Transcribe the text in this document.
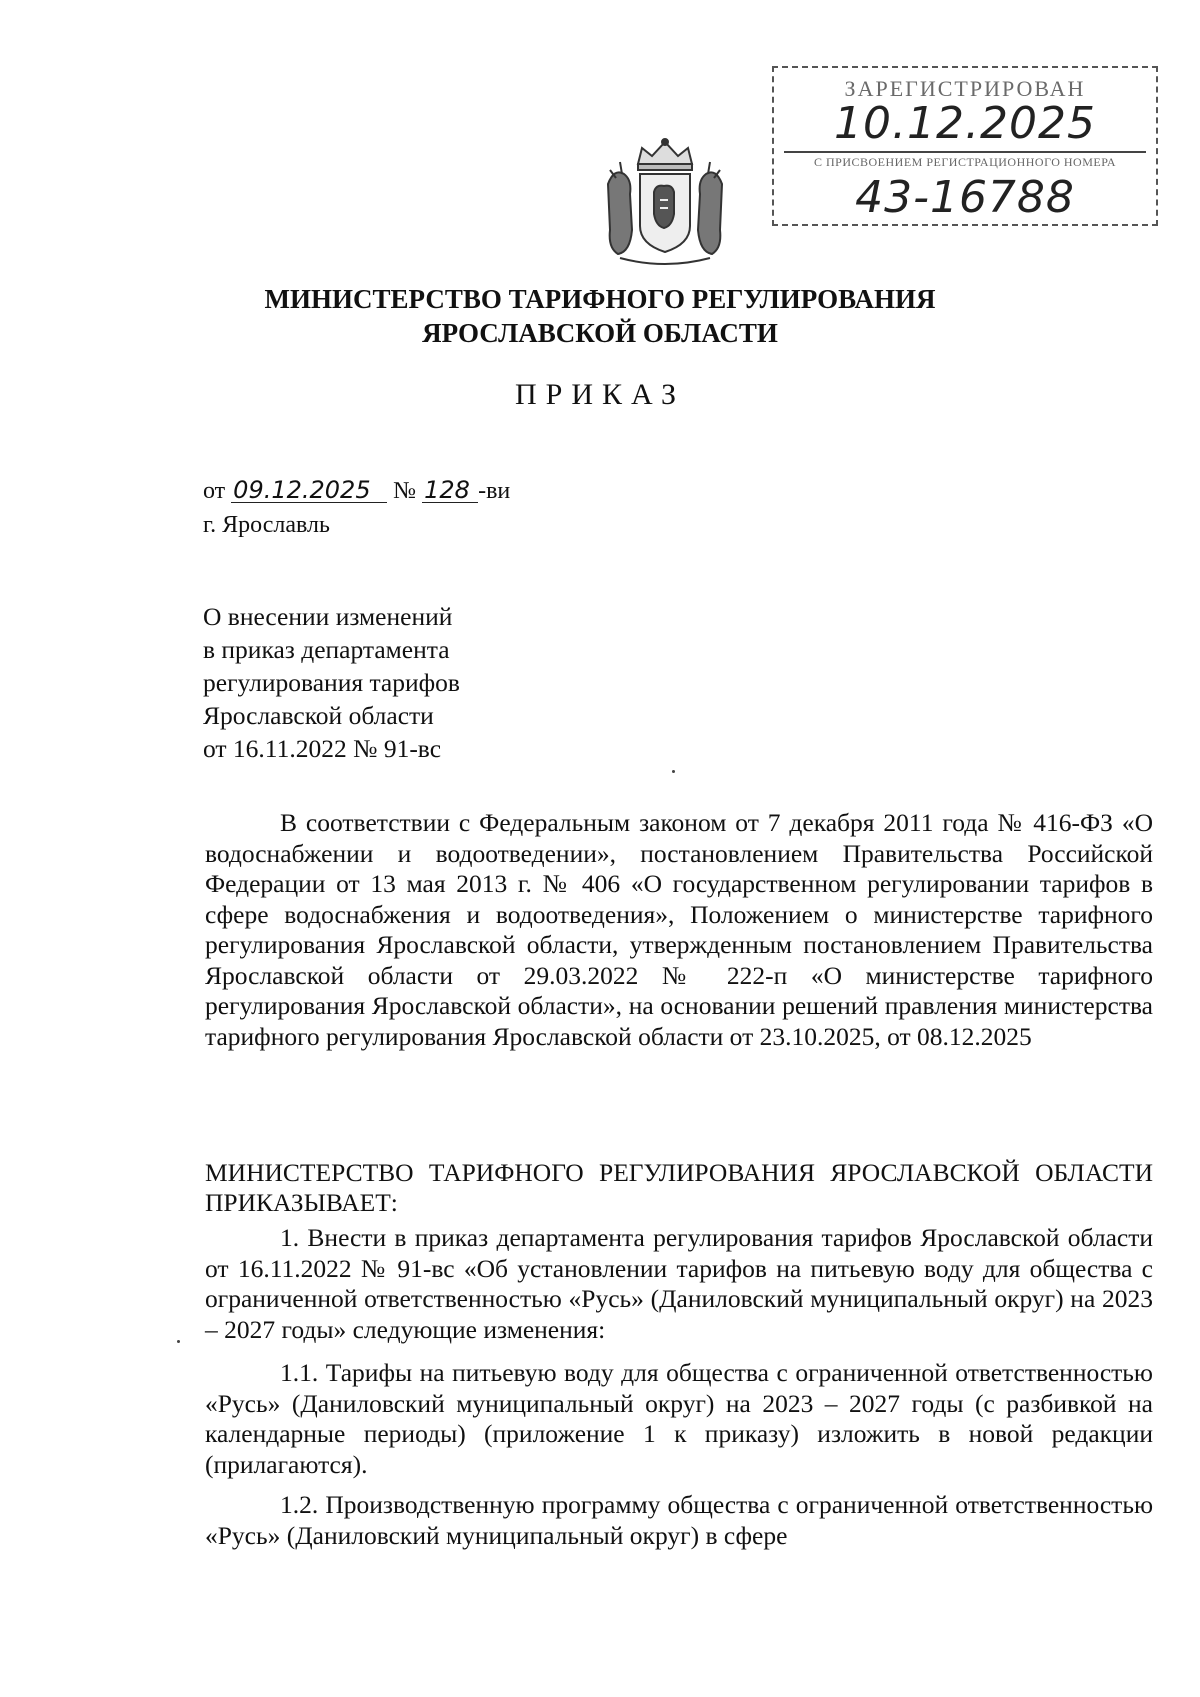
ЗАРЕГИСТРИРОВАН
10.12.2025
С ПРИСВОЕНИЕМ РЕГИСТРАЦИОННОГО НОМЕРА
43-16788
МИНИСТЕРСТВО ТАРИФНОГО РЕГУЛИРОВАНИЯ
ЯРОСЛАВСКОЙ ОБЛАСТИ
ПРИКАЗ
от 09.12.2025 № 128 -ви
г. Ярославль
О внесении изменений
в приказ департамента
регулирования тарифов
Ярославской области
от 16.11.2022 № 91-вс
В соответствии с Федеральным законом от 7 декабря 2011 года № 416-ФЗ «О водоснабжении и водоотведении», постановлением Правительства Российской Федерации от 13 мая 2013 г. № 406 «О государственном регулировании тарифов в сфере водоснабжения и водоотведения», Положением о министерстве тарифного регулирования Ярославской области, утвержденным постановлением Правительства Ярославской области от 29.03.2022 № 222-п «О министерстве тарифного регулирования Ярославской области», на основании решений правления министерства тарифного регулирования Ярославской области от 23.10.2025, от 08.12.2025
МИНИСТЕРСТВО ТАРИФНОГО РЕГУЛИРОВАНИЯ ЯРОСЛАВСКОЙ ОБЛАСТИ ПРИКАЗЫВАЕТ:
1. Внести в приказ департамента регулирования тарифов Ярославской области от 16.11.2022 № 91-вс «Об установлении тарифов на питьевую воду для общества с ограниченной ответственностью «Русь» (Даниловский муниципальный округ) на 2023 – 2027 годы» следующие изменения:
1.1. Тарифы на питьевую воду для общества с ограниченной ответственностью «Русь» (Даниловский муниципальный округ) на 2023 – 2027 годы (с разбивкой на календарные периоды) (приложение 1 к приказу) изложить в новой редакции (прилагаются).
1.2. Производственную программу общества с ограниченной ответственностью «Русь» (Даниловский муниципальный округ) в сфере
